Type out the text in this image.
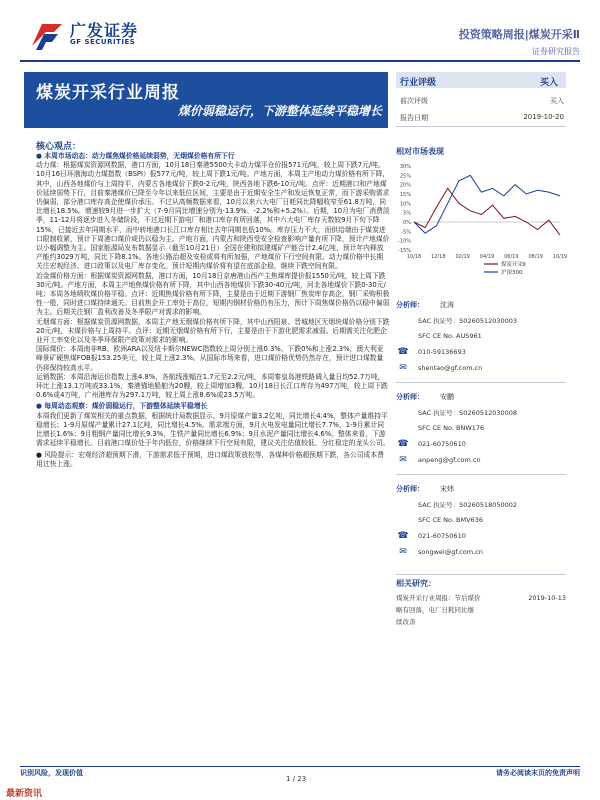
广发证券
GF SECURITIES
投资策略周报|煤炭开采Ⅱ
证券研究报告
煤炭开采行业周报
煤价弱稳运行，下游整体延续平稳增长
核心观点：

● 本周市场动态：动力煤焦煤价格延续弱势，无烟煤价格有所下行

动力煤：根据煤炭资源网数据，港口方面，10月18日秦港5500大卡动力煤平仓价报571元/吨，较上周下跌7元/吨。10月16日环渤海动力煤指数（BSPI）报577元/吨，较上周下跌1元/吨。产地方面，本周主产地动力煤价格有所下降，其中，山西各地煤价与上周持平，内蒙古各地煤价下跌0-2元/吨，陕西各地下跌6-10元/吨。点评：近期港口和产地煤价延续弱势下行，目前秦港煤价已降至今年以来低位区间，主要是由于近期安全生产和发运恢复正常，而下游采购需求仍偏弱，部分港口库存高企使煤价承压。不过从高频数据来看，10月以来六大电厂日耗同比降幅收窄至61.8万吨，同比增长18.5%。增速较9月进一步扩大（7-9月同比增速分别为-13.9%、-2.2%和+5.2%）。后期，10月为电厂消费淡季，11-12月将逐步进入冬储阶段，不过近期下游电厂和港口库存有所回落，其中六大电厂库存天数较9月下旬下降15%，已接近去年同期水平，而中转地港口长江口库存相比去年同期也低10%。库存压力不大，而供给端由于煤炭进口限制收紧，预计下周港口煤价或仍以稳为主。产地方面，内蒙古和陕西受安全检查影响产量有所下降，预计产地煤价以小幅调整为主。国家能源局发布数据显示（截至10月21日）全国在建和拟建煤矿产能合计2.4亿吨，预计年内释放产能约3029万吨，同比下降8.1%。各地公路治超及安检或将有所加强，产地煤价下行空间有限。动力煤价格中长期关注宏观经济、进口政策以及电厂库存变化。预计短期内煤价将有望在底部企稳，继续下跌空间有限。

冶金煤价格方面：根据煤炭资源网数据，港口方面，10月18日京唐港山西产主焦煤库提价报1550元/吨，较上周下跌30元/吨。产地方面，本周主产地焦煤价格有所下降，其中山西各地煤价下跌30-40元/吨，河北各地煤价下跌0-30元/吨；本周各地喷吹煤价格平稳。点评：近期焦煤价格有所下降，主要是由于近期下游钢厂焦炭库存高企，钢厂采购积极性一般，同时进口煤持续通关。目前焦企开工率处于高位，短期内钢材价格仍有压力，预计下周焦煤价格仍以稳中偏弱为主。后期关注钢厂盈利改善及冬季限产对需求的影响。

无烟煤方面：根据煤炭资源网数据，本周主产地无烟煤价格有所下降，其中山西阳泉、晋城地区无烟块煤价格分别下跌20元/吨，末煤价格与上周持平。点评：近期无烟煤价格有所下行，主要是由于下游化肥需求减弱。后期需关注化肥企业开工率变化以及冬季环保限产政策对需求的影响。

国际煤价：本周南非RB、欧洲ARA以及纽卡斯尔NEWC指数较上周分别上涨0.3%、下跌0%和上涨2.3%，澳大利亚峰景矿硬焦煤FOB报153.25美元，较上周上涨2.3%。从国际市场来看，进口煤价格优势仍然存在，预计进口煤数量仍将保持较高水平。

运销数据：本周沿海运价指数上涨4.8%，各航线涨幅在1.7元至2.2元/吨，本周秦皇岛港铁路调入量日均52.7万吨，环比上涨13.1万吨或33.1%，秦港锚地船舶为20艘，较上周增加3艘。10月18日长江口库存为497万吨，较上周下跌0.6%或4万吨，广州港库存为297.1万吨，较上周上涨8.6%或23.5万吨。

● 每周动态观察：煤价弱稳运行，下游整体延续平稳增长

本周我们更新了煤炭相关的重点数据，根据统计局数据显示，9月原煤产量3.2亿吨，同比增长4.4%，整体产量维持平稳增长；1-9月原煤产量累计27.1亿吨，同比增长4.5%。需求端方面，9月火电发电量同比增长7.7%，1-9月累计同比增长1.6%；9月粗钢产量同比增长9.3%，生铁产量同比增长6.9%；9月水泥产量同比增长4.6%。整体来看，下游需求延续平稳增长。目前港口煤价处于年内低位，价格继续下行空间有限，建议关注估值较低、分红稳定的龙头公司。

● 风险提示：宏观经济超预期下滑，下游需求低于预期，进口煤政策放松等，各煤种价格超预期下跌，各公司成本费用过快上涨。

行业评级	买入
前次评级	买入
报告日期	2019-10-20
相对市场表现
30%
25%
20%
15%
10%
5%
0%
-5%
-10%
-15%
10/18 12/18 02/19 04/19 06/19 08/19 10/19
煤炭开采Ⅱ
沪深300
分析师： 沈涛
SAC 执证号：S0260512030003
SFC CE No. AUS961
☎ 010-59136693
✉	shentao@gf.com.cn
分析师： 安鹏
SAC 执证号：S0260512030008
SFC CE No. BNW176
☎ 021-60750610
✉	anpeng@gf.com.cn
分析师： 宋炜
SAC 执证号：S0260518050002
SFC CE No. BMV636
☎ 021-60750610
✉	songwei@gf.com.cn
相关研究：
煤炭开采行业周报：节后煤价	2019-10-13
略有回落，电厂日耗同比继
续改善
识别风险，发现价值
1 / 23
请务必阅读末页的免责声明
最新资讯
